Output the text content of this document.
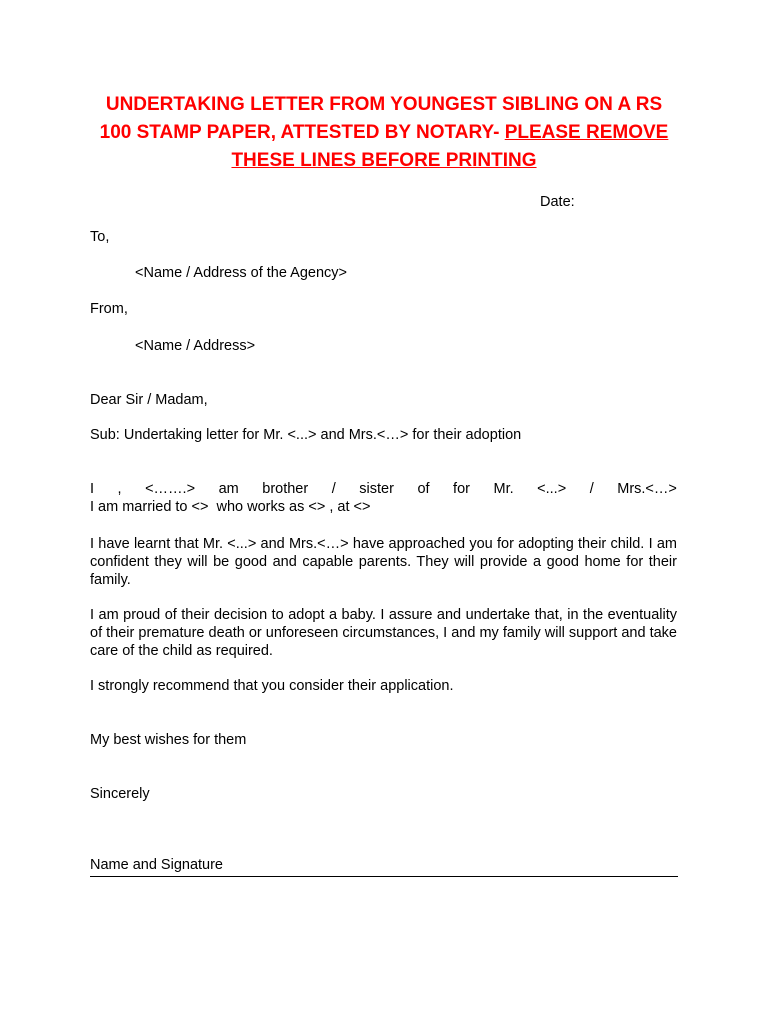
UNDERTAKING LETTER FROM YOUNGEST SIBLING ON A RS 100 STAMP PAPER, ATTESTED BY NOTARY- PLEASE REMOVE THESE LINES BEFORE PRINTING
Date:
To,
<Name / Address of the Agency>
From,
<Name / Address>
Dear Sir / Madam,
Sub: Undertaking letter for Mr. <...> and Mrs.<…> for their adoption
I , <…….> am brother / sister of for Mr. <...> / Mrs.<…>
I am married to <>  who works as <> , at <>
I have learnt that Mr. <...> and Mrs.<…> have approached you for adopting their child. I am confident they will be good and capable parents. They will provide a good home for their family.
I am proud of their decision to adopt a baby. I assure and undertake that, in the eventuality of their premature death or unforeseen circumstances, I and my family will support and take care of the child as required.
I strongly recommend that you consider their application.
My best wishes for them
Sincerely
Name and Signature
